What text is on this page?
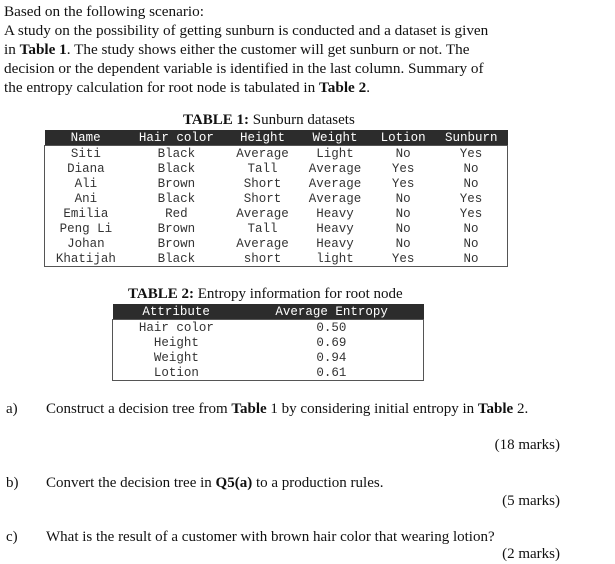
Based on the following scenario:

A study on the possibility of getting sunburn is conducted and a dataset is given

in Table 1. The study shows either the customer will get sunburn or not. The

decision or the dependent variable is identified in the last column. Summary of

the entropy calculation for root node is tabulated in Table 2.

TABLE 1: Sunburn datasets
Name	Hair color	Height	Weight	Lotion	Sunburn
Siti	Black	Average	Light	No	Yes
Diana	Black	Tall	Average	Yes	No
Ali	Brown	Short	Average	Yes	No
Ani	Black	Short	Average	No	Yes
Emilia	Red	Average	Heavy	No	Yes
Peng Li	Brown	Tall	Heavy	No	No
Johan	Brown	Average	Heavy	No	No
Khatijah	Black	short	light	Yes	No
TABLE 2: Entropy information for root node
Attribute	Average Entropy
Hair color	0.50
Height	0.69
Weight	0.94
Lotion	0.61
a) Construct a decision tree from Table 1 by considering initial entropy in Table 2.
(18 marks)
b) Convert the decision tree in Q5(a) to a production rules.
(5 marks)
c) What is the result of a customer with brown hair color that wearing lotion?
(2 marks)
